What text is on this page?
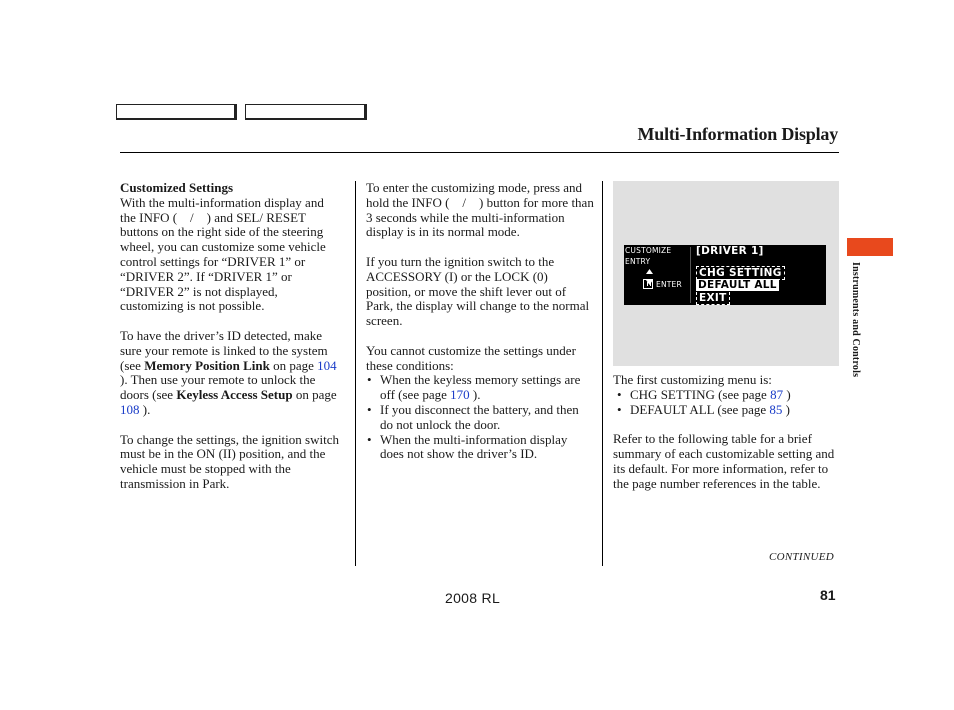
Multi-Information Display
Customized Settings

With the multi-information display and the INFO ( / ) and SEL/ RESET buttons on the right side of the steering wheel, you can customize some vehicle control settings for “DRIVER 1” or “DRIVER 2”. If “DRIVER 1” or “DRIVER 2” is not displayed, customizing is not possible.

To have the driver’s ID detected, make sure your remote is linked to the system (see Memory Position Link on page 104 ). Then use your remote to unlock the doors (see Keyless Access Setup on page 108 ).

To change the settings, the ignition switch must be in the ON (II) position, and the vehicle must be stopped with the transmission in Park.

To enter the customizing mode, press and hold the INFO ( / ) button for more than 3 seconds while the multi-information display is in its normal mode.

If you turn the ignition switch to the ACCESSORY (I) or the LOCK (0) position, or move the shift lever out of Park, the display will change to the normal screen.

You cannot customize the settings under these conditions:
• When the keyless memory settings are off (see page 170 ).
• If you disconnect the battery, and then do not unlock the door.
• When the multi-information display does not show the driver’s ID.
CUSTOMIZE
ENTRY
ENTER
[DRIVER 1]
CHG SETTING
DEFAULT ALL
EXIT
The first customizing menu is:
• CHG SETTING (see page 87 )
• DEFAULT ALL (see page 85 )

Refer to the following table for a brief summary of each customizable setting and its default. For more information, refer to the page number references in the table.

Instruments and Controls
CONTINUED
2008 RL	81
